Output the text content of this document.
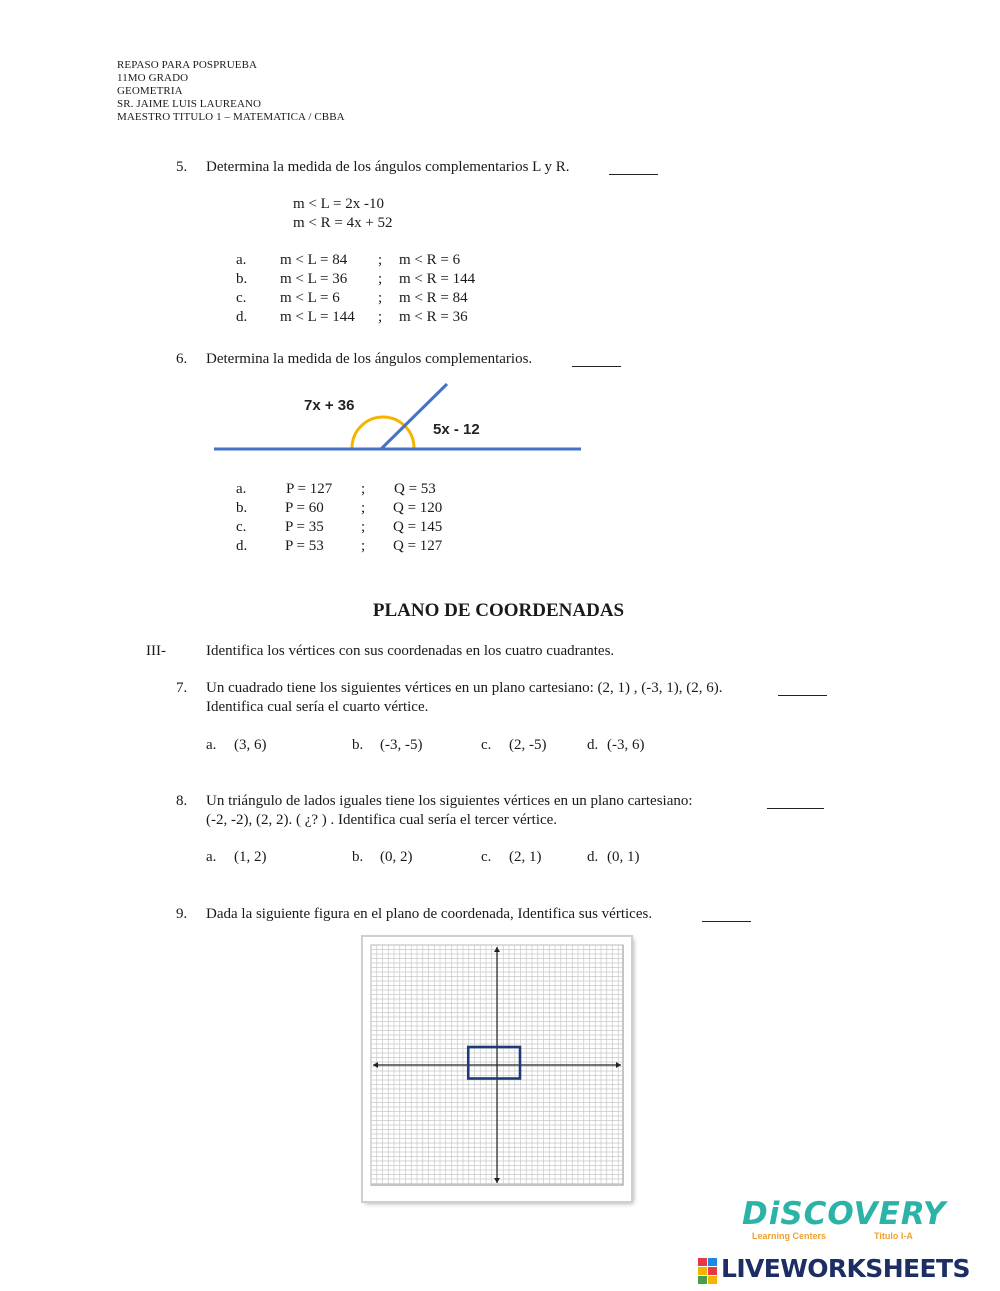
REPASO PARA POSPRUEBA
11MO GRADO
GEOMETRIA
SR. JAIME LUIS LAUREANO
MAESTRO TITULO 1 – MATEMATICA / CBBA
5. Determina la medida de los ángulos complementarios L y R.
m < L = 2x -10
m < R = 4x + 52
a. m < L = 84 ; m < R = 6
b. m < L = 36 ; m < R = 144
c. m < L = 6	; m < R = 84
d. m < L = 144 ; m < R = 36
6. Determina la medida de los ángulos complementarios.
7x + 36
5x - 12
a.	P = 127 ; Q = 53
b.	P = 60 ; Q = 120
c.	P = 35 ; Q = 145
d.	P = 53 ; Q = 127
PLANO DE COORDENADAS
III-	Identifica los vértices con sus coordenadas en los cuatro cuadrantes.
7. Un cuadrado tiene los siguientes vértices en un plano cartesiano: (2, 1) , (-3, 1), (2, 6).
Identifica cual sería el cuarto vértice.
a. (3, 6)	b. (-3, -5)	c. (2, -5)	d. (-3, 6)
8. Un triángulo de lados iguales tiene los siguientes vértices en un plano cartesiano:
(-2, -2), (2, 2). ( ¿? ) . Identifica cual sería el tercer vértice.
a. (1, 2)	b. (0, 2)	c. (2, 1)	d. (0, 1)
9. Dada la siguiente figura en el plano de coordenada, Identifica sus vértices.
DiSCOVERY
Learning Centers	Titulo I-A
LIVEWORKSHEETS
